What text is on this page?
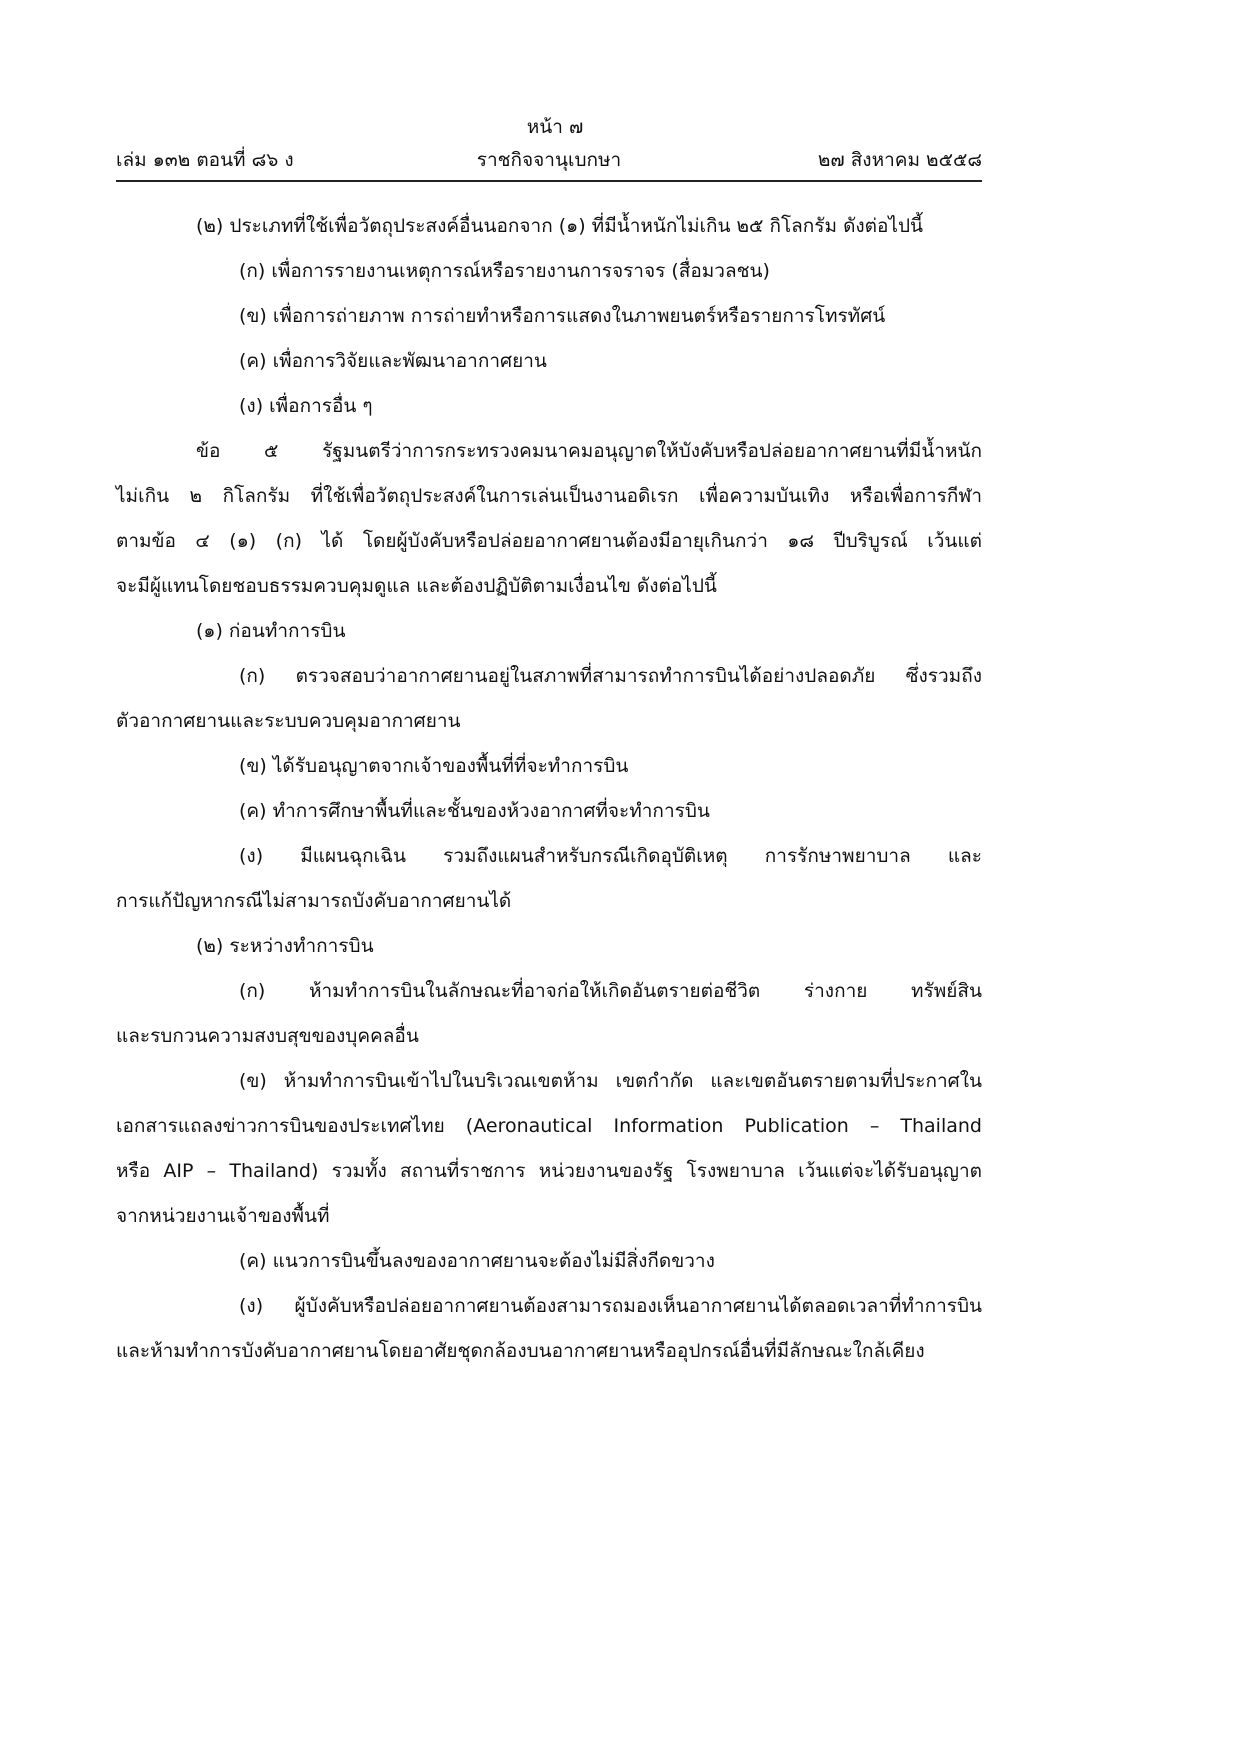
หน้า ๗
เล่ม ๑๓๒ ตอนที่ ๘๖ ง	ราชกิจจานุเบกษา	๒๗ สิงหาคม ๒๕๕๘
(๒) ประเภทที่ใช้เพื่อวัตถุประสงค์อื่นนอกจาก (๑) ที่มีน้ำหนักไม่เกิน ๒๕ กิโลกรัม ดังต่อไปนี้
(ก) เพื่อการรายงานเหตุการณ์หรือรายงานการจราจร (สื่อมวลชน)
(ข) เพื่อการถ่ายภาพ การถ่ายทำหรือการแสดงในภาพยนตร์หรือรายการโทรทัศน์
(ค) เพื่อการวิจัยและพัฒนาอากาศยาน
(ง) เพื่อการอื่น ๆ
ข้อ ๕ รัฐมนตรีว่าการกระทรวงคมนาคมอนุญาตให้บังคับหรือปล่อยอากาศยานที่มีน้ำหนัก
ไม่เกิน ๒ กิโลกรัม ที่ใช้เพื่อวัตถุประสงค์ในการเล่นเป็นงานอดิเรก เพื่อความบันเทิง หรือเพื่อการกีฬา
ตามข้อ ๔ (๑) (ก) ได้ โดยผู้บังคับหรือปล่อยอากาศยานต้องมีอายุเกินกว่า ๑๘ ปีบริบูรณ์ เว้นแต่
จะมีผู้แทนโดยชอบธรรมควบคุมดูแล และต้องปฏิบัติตามเงื่อนไข ดังต่อไปนี้
(๑) ก่อนทำการบิน
(ก) ตรวจสอบว่าอากาศยานอยู่ในสภาพที่สามารถทำการบินได้อย่างปลอดภัย ซึ่งรวมถึง
ตัวอากาศยานและระบบควบคุมอากาศยาน
(ข) ได้รับอนุญาตจากเจ้าของพื้นที่ที่จะทำการบิน
(ค) ทำการศึกษาพื้นที่และชั้นของห้วงอากาศที่จะทำการบิน
(ง) มีแผนฉุกเฉิน รวมถึงแผนสำหรับกรณีเกิดอุบัติเหตุ การรักษาพยาบาล และ
การแก้ปัญหากรณีไม่สามารถบังคับอากาศยานได้
(๒) ระหว่างทำการบิน
(ก) ห้ามทำการบินในลักษณะที่อาจก่อให้เกิดอันตรายต่อชีวิต ร่างกาย ทรัพย์สิน
และรบกวนความสงบสุขของบุคคลอื่น
(ข) ห้ามทำการบินเข้าไปในบริเวณเขตห้าม เขตกำกัด และเขตอันตรายตามที่ประกาศใน
เอกสารแถลงข่าวการบินของประเทศไทย (Aeronautical Information Publication – Thailand
หรือ AIP – Thailand) รวมทั้ง สถานที่ราชการ หน่วยงานของรัฐ โรงพยาบาล เว้นแต่จะได้รับอนุญาต
จากหน่วยงานเจ้าของพื้นที่
(ค) แนวการบินขึ้นลงของอากาศยานจะต้องไม่มีสิ่งกีดขวาง
(ง) ผู้บังคับหรือปล่อยอากาศยานต้องสามารถมองเห็นอากาศยานได้ตลอดเวลาที่ทำการบิน
และห้ามทำการบังคับอากาศยานโดยอาศัยชุดกล้องบนอากาศยานหรืออุปกรณ์อื่นที่มีลักษณะใกล้เคียง
